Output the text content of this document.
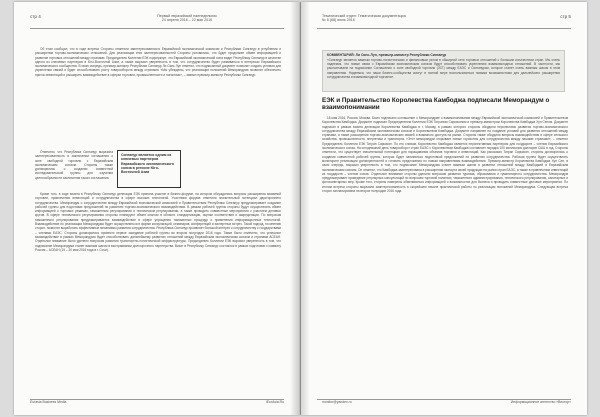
стр 4	Первый евразийский еженедельник
24 апреля 2016 – 22 мая 2016

Об этом сообщил, что в ходе встречи Стороны отметили заинтересованность Евразийской экономической комиссии и Республики Сингапур в углублении и расширении торгово-экономических отношений. Для реализации этих заинтересованностей Стороны условились, что будет продолжен обмен информацией и развитие торговых отношений между странами. Председатель Коллегии ЕЭК подчеркнул, что Евразийский экономический союз видит Республику Сингапур в качестве одного из ключевых партнеров в Юго-Восточной Азии, а также выразил уверенность в том, что сотрудничество будет развиваться в интересах Евразийского экономического сообщества. В свою очередь, премьер-министр Республики Сингапур Ли Сянь Лун отметил, что подписанный документ позволит создать условия для укрепления связей и будет способствовать росту товарооборота между странами. «Мы убеждены, что реализация положений Меморандума позволит обеспечить приток инвестиций и расширить взаимодействие в сферах торговли, промышленности и логистики», – заявил премьер-министр Республики Сингапур.

Отмечено, что Республика Сингапур выразила заинтересованность в заключении соглашения о зоне свободной торговли с Евразийским экономическим союзом. Стороны также договорились о создании совместной исследовательской группы для изучения целесообразности заключения такого соглашения.

Сингапур является одним из ключевых партнеров Евразийского экономического союза в регионе Юго-Восточной Азии

Кроме того, в ходе визита в Республику Сингапур делегация ЕЭК приняла участие в бизнес-форуме, на котором обсуждались вопросы расширения взаимной торговли, привлечения инвестиций и сотрудничества в сфере высоких технологий. Участники форума отметили значительный потенциал двустороннего сотрудничества. Меморандум о сотрудничестве между Евразийской экономической комиссией и Правительством Республики Сингапур предусматривает создание рабочей группы для подготовки предложений по развитию торгово-экономического взаимодействия. В рамках рабочей группы стороны будут осуществлять обмен информацией о торговых режимах, таможенном регулировании и техническом регулировании, а также проводить совместные мероприятия с участием деловых кругов. В сфере технического регулирования стороны планируют обмен опытом в области стандартизации, оценки соответствия и аккредитации. По вопросам таможенного регулирования предусматривается взаимодействие в сфере упрощения таможенных процедур и применения информационных технологий. Взаимодействие по реализации Меморандума будет осуществляться в форме консультаций, семинаров, конференций и экспертных встреч. Такой подход, по мнению сторон, позволит выработать эффективные механизмы развития сотрудничества. Республика Сингапур проявляет большой интерес к сотрудничеству с государствами – членами ЕАЭС. Стороны договорились провести первое заседание рабочей группы во втором полугодии 2016 года. Также было отмечено, что успешное взаимодействие в рамках Меморандума будет способствовать дальнейшему развитию отношений между Евразийским экономическим союзом и странами АСЕАН. Отдельное внимание было уделено вопросам развития транспортно-логистической инфраструктуры. Председатель Коллегии ЕЭК выразил уверенность в том, что подписание Меморандума станет важным шагом в выстраивании долгосрочного партнерства. Визит в Республику Сингапур состоялся в рамках подготовки к саммиту Россия – АСЕАН (19 – 20 мая 2016 года в г. Сочи).

Eurasia Business Media	iEurAsia.Ru
Тематический отдел: Тематическая документация
№ 6 (68) июнь 2016
стр 5
КОММЕНТАРИЙ: Ли Сянь Лун, премьер-министр Республики Сингапур
«Сингапур является важным торгово-логистическим и финансовым узлом в обширной сети торговых отношений с большим количеством стран. Мы очень надеемся, что новые связи с Евразийским экономическим союзом будут способствовать укреплению взаимовыгодных отношений. В частности, мы рассчитываем на подписание Соглашения о зоне свободной торговли (ЗСТ) между ЕАЭС и Сингапуром, которое станет очень важным шагом в этом направлении. Надеемся, что наши бизнес-сообщества смогут в полной мере воспользоваться новыми возможностями для дальнейшего расширения сотрудничества и взаимовыгодной торговли».
ЕЭК и Правительство Королевства Камбоджа подписали Меморандум о взаимопонимании

18 мая 2016, Россия, Москва. Было подписано соглашение о Меморандуме о взаимопонимании между Евразийской экономической комиссией и Правительством Королевства Камбоджа. Документ подписан Председателем Коллегии ЕЭК Тиграном Саркисяном и премьер-министром Королевства Камбоджа Хун Сеном. Документ подписан в рамках визита делегации Королевства Камбоджа в г. Москву, в рамках которого стороны обсудили перспективы развития торгово-экономического сотрудничества между Евразийским экономическим союзом и Королевством Камбоджа. Документ направлен на создание условий для развития отношений между странами, а также расширения торгово-экономических связей и взаимного доступа на рынки. Стороны также обсудили вопросы взаимодействия в сфере сельского хозяйства, промышленности, энергетики и транспорта. «Этот меморандум открывает новые горизонты для сотрудничества между нашими странами», – отметил Председатель Коллегии ЕЭК Тигран Саркисян. По его словам, Королевство Камбоджа является перспективным партнером для государств – членов Евразийского экономического союза. На сегодняшний день товарооборот стран ЕАЭС с Королевством Камбоджа составляет порядка 100 миллионов долларов США в год. Стороны отметили, что существует значительный потенциал для наращивания объемов торговли и инвестиций. Как рассказал Тигран Саркисян, стороны договорились о создании совместной рабочей группы, которая будет заниматься подготовкой предложений по развитию сотрудничества. Рабочая группа будет осуществлять мониторинг реализации договоренностей и готовить предложения по новым направлениям взаимодействия. Премьер-министр Королевства Камбоджа Хун Сен, в свою очередь, выразил уверенность в том, что подписание Меморандума станет важным шагом в развитии отношений между Камбоджей и Евразийским экономическим союзом. Он отметил, что Камбоджа заинтересована в расширении экспорта своей продукции на рынки стран ЕАЭС, а также в привлечении инвестиций из государств – членов союза. Отдельное внимание стороны уделили вопросам развития туризма, образования и гуманитарного сотрудничества. Меморандум предусматривает проведение регулярных консультаций по вопросам торговой политики, таможенного администрирования, технического регулирования, санитарных и фитосанитарных мер. Кроме того, стороны намерены обмениваться информацией о возможностях для бизнеса и проводить совместные деловые мероприятия. По итогам встречи стороны выразили заинтересованность в скорейшем начале практической работы по реализации положений Меморандума. Следующая встреча сторон запланирована на второе полугодие 2016 года.

monitor@yandex.ru	Информационное агентство «Вектор»
